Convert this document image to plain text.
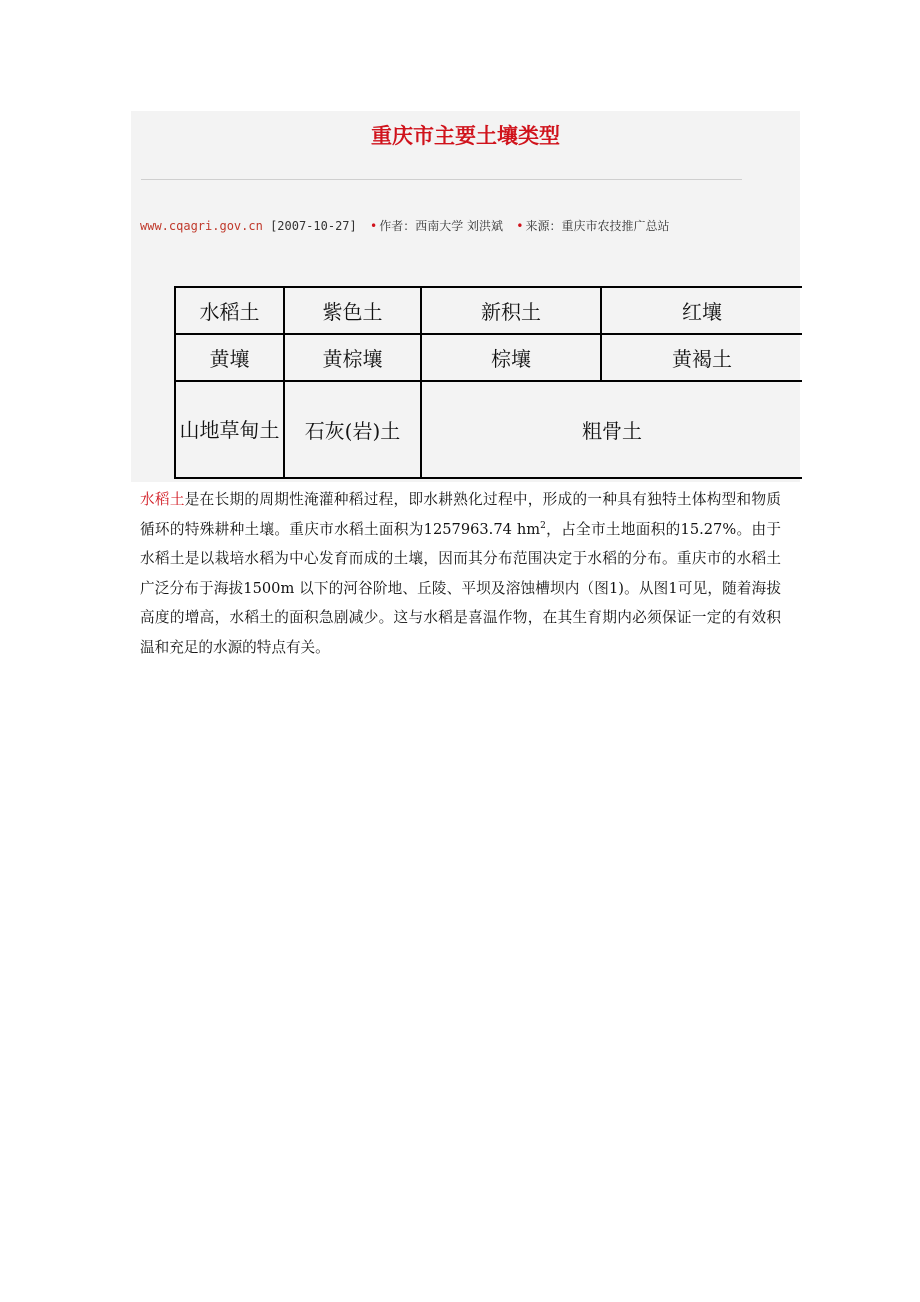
重庆市主要土壤类型
www.cqagri.gov.cn [2007-10-27] • 作者：西南大学 刘洪斌 • 来源：重庆市农技推广总站
水稻土	紫色土	新积土	红壤
黄壤	黄棕壤	棕壤	黄褐土
山地草甸土	石灰(岩)土	粗骨土	
水稻土是在长期的周期性淹灌种稻过程，即水耕熟化过程中，形成的一种具有独特土体构型和物质循环的特殊耕种土壤。重庆市水稻土面积为1257963.74 $hm^2$，占全市土地面积的15.27%。由于水稻土是以栽培水稻为中心发育而成的土壤，因而其分布范围决定于水稻的分布。重庆市的水稻土广泛分布于海拔1500m 以下的河谷阶地、丘陵、平坝及溶蚀槽坝内（图1)。从图1可见，随着海拔高度的增高，水稻土的面积急剧减少。这与水稻是喜温作物，在其生育期内必须保证一定的有效积温和充足的水源的特点有关。
